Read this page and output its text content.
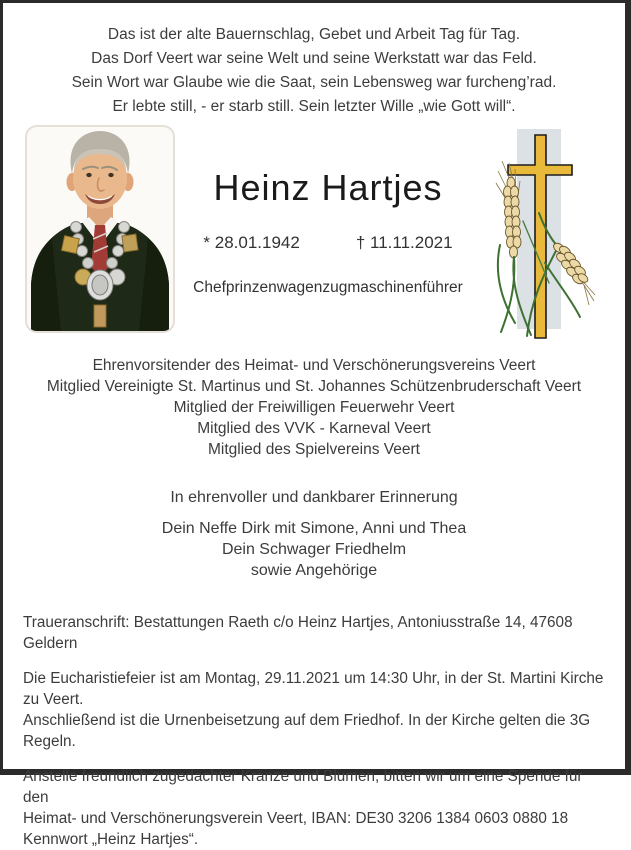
Das ist der alte Bauernschlag, Gebet und Arbeit Tag für Tag.
Das Dorf Veert war seine Welt und seine Werkstatt war das Feld.
Sein Wort war Glaube wie die Saat, sein Lebensweg war furcheng’rad.
Er lebte still, - er starb still. Sein letzter Wille „wie Gott will“.
Heinz Hartjes
* 28.01.1942	† 11.11.2021
Chefprinzenwagenzugmaschinenführer
Ehrenvorsitender des Heimat- und Verschönerungsvereins Veert
Mitglied Vereinigte St. Martinus und St. Johannes Schützenbruderschaft Veert
Mitglied der Freiwilligen Feuerwehr Veert
Mitglied des VVK - Karneval Veert
Mitglied des Spielvereins Veert
In ehrenvoller und dankbarer Erinnerung
Dein Neffe Dirk mit Simone, Anni und Thea
Dein Schwager Friedhelm
sowie Angehörige
Traueranschrift: Bestattungen Raeth c/o Heinz Hartjes, Antoniusstraße 14, 47608 Geldern
Die Eucharistiefeier ist am Montag, 29.11.2021 um 14:30 Uhr, in der St. Martini Kirche zu Veert.
Anschließend ist die Urnenbeisetzung auf dem Friedhof. In der Kirche gelten die 3G Regeln.
Anstelle freundlich zugedachter Kränze und Blumen, bitten wir um eine Spende für den
Heimat- und Verschönerungsverein Veert, IBAN: DE30 3206 1384 0603 0880 18
Kennwort „Heinz Hartjes“.
